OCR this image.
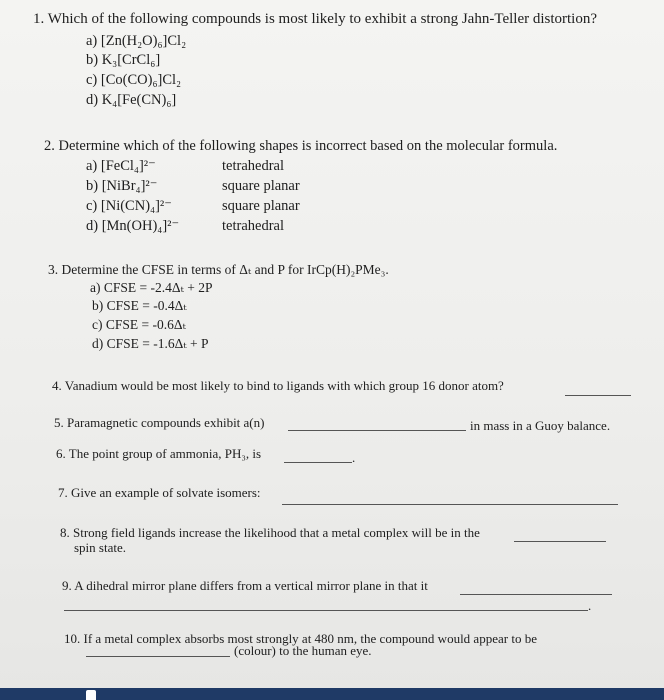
1. Which of the following compounds is most likely to exhibit a strong Jahn-Teller distortion?
a) [Zn(H₂O)₆]Cl₂
b) K₃[CrCl₆]
c) [Co(CO)₆]Cl₂
d) K₄[Fe(CN)₆]
2. Determine which of the following shapes is incorrect based on the molecular formula.
a) [FeCl₄]²⁻	tetrahedral
b) [NiBr₄]²⁻	square planar
c) [Ni(CN)₄]²⁻	square planar
d) [Mn(OH)₄]²⁻	tetrahedral
3. Determine the CFSE in terms of Δₜ and P for IrCp(H)₂PMe₃.
a) CFSE = -2.4Δₜ + 2P
b) CFSE = -0.4Δₜ
c) CFSE = -0.6Δₜ
d) CFSE = -1.6Δₜ + P
4. Vanadium would be most likely to bind to ligands with which group 16 donor atom?
5. Paramagnetic compounds exhibit a(n)	in mass in a Guoy balance.
6. The point group of ammonia, PH₃, is	.
7. Give an example of solvate isomers:
8. Strong field ligands increase the likelihood that a metal complex will be in the
spin state.
9. A dihedral mirror plane differs from a vertical mirror plane in that it
.
10. If a metal complex absorbs most strongly at 480 nm, the compound would appear to be
(colour) to the human eye.
